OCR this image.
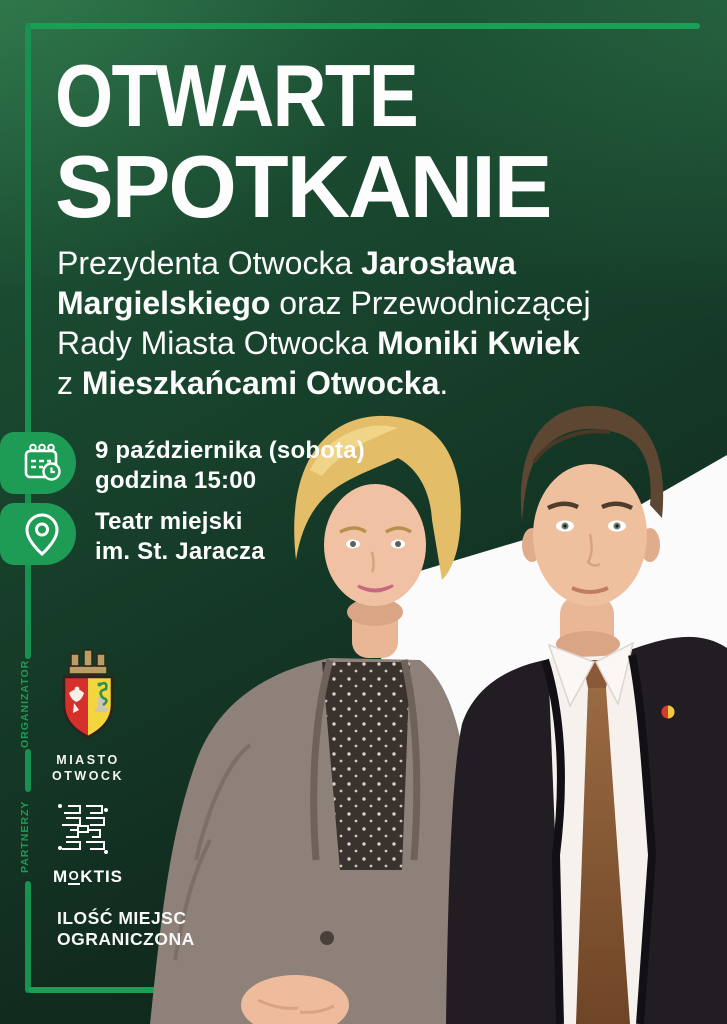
OTWARTE
SPOTKANIE
Prezydenta Otwocka Jarosława
Margielskiego oraz Przewodniczącej
Rady Miasta Otwocka Moniki Kwiek
z Mieszkańcami Otwocka.
9 października (sobota)
godzina 15:00
Teatr miejski
im. St. Jaracza
ORGANIZATOR
PARTNERZY
MIASTO
OTWOCK
MOKTIS
ILOŚĆ MIEJSC
OGRANICZONA
